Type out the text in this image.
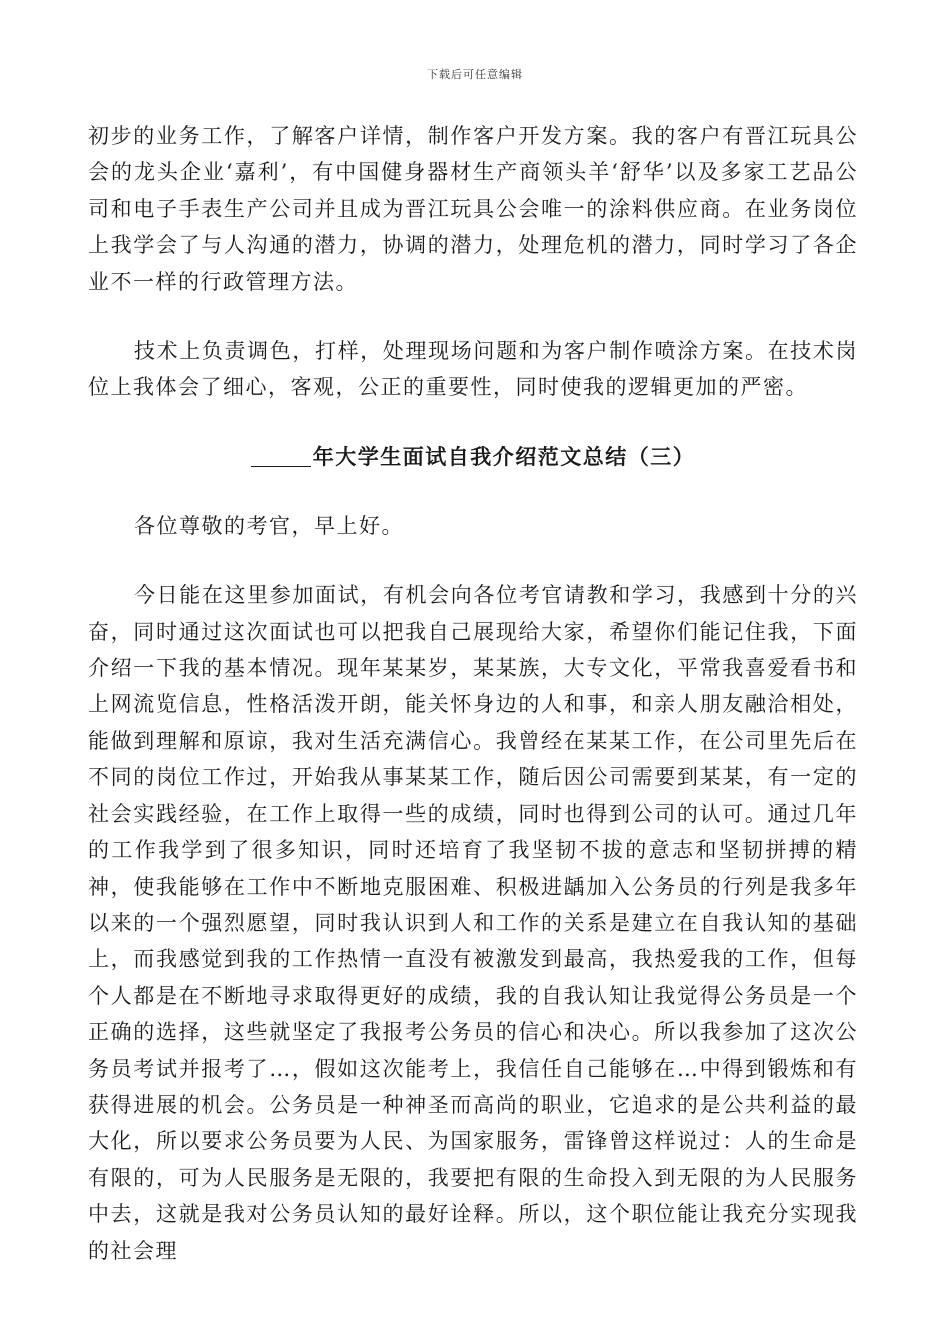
下载后可任意编辑

初步的业务工作，了解客户详情，制作客户开发方案。我的客户有晋江玩具公会的龙头企业‘嘉利’，有中国健身器材生产商领头羊‘舒华’以及多家工艺品公司和电子手表生产公司并且成为晋江玩具公会唯一的涂料供应商。在业务岗位上我学会了与人沟通的潜力，协调的潜力，处理危机的潜力，同时学习了各企业不一样的行政管理方法。

技术上负责调色，打样，处理现场问题和为客户制作喷涂方案。在技术岗位上我体会了细心，客观，公正的重要性，同时使我的逻辑更加的严密。

年大学生面试自我介绍范文总结（三）

各位尊敬的考官，早上好。

今日能在这里参加面试，有机会向各位考官请教和学习，我感到十分的兴奋，同时通过这次面试也可以把我自己展现给大家，希望你们能记住我，下面介绍一下我的基本情况。现年某某岁，某某族，大专文化，平常我喜爱看书和上网流览信息，性格活泼开朗，能关怀身边的人和事，和亲人朋友融洽相处，能做到理解和原谅，我对生活充满信心。我曾经在某某工作，在公司里先后在不同的岗位工作过，开始我从事某某工作，随后因公司需要到某某，有一定的社会实践经验，在工作上取得一些的成绩，同时也得到公司的认可。通过几年的工作我学到了很多知识，同时还培育了我坚韧不拔的意志和坚韧拼搏的精神，使我能够在工作中不断地克服困难、积极进龋加入公务员的行列是我多年以来的一个强烈愿望，同时我认识到人和工作的关系是建立在自我认知的基础上，而我感觉到我的工作热情一直没有被激发到最高，我热爱我的工作，但每个人都是在不断地寻求取得更好的成绩，我的自我认知让我觉得公务员是一个正确的选择，这些就坚定了我报考公务员的信心和决心。所以我参加了这次公务员考试并报考了…，假如这次能考上，我信任自己能够在…中得到锻炼和有获得进展的机会。公务员是一种神圣而高尚的职业，它追求的是公共利益的最大化，所以要求公务员要为人民、为国家服务，雷锋曾这样说过：人的生命是有限的，可为人民服务是无限的，我要把有限的生命投入到无限的为人民服务中去，这就是我对公务员认知的最好诠释。所以，这个职位能让我充分实现我的社会理
